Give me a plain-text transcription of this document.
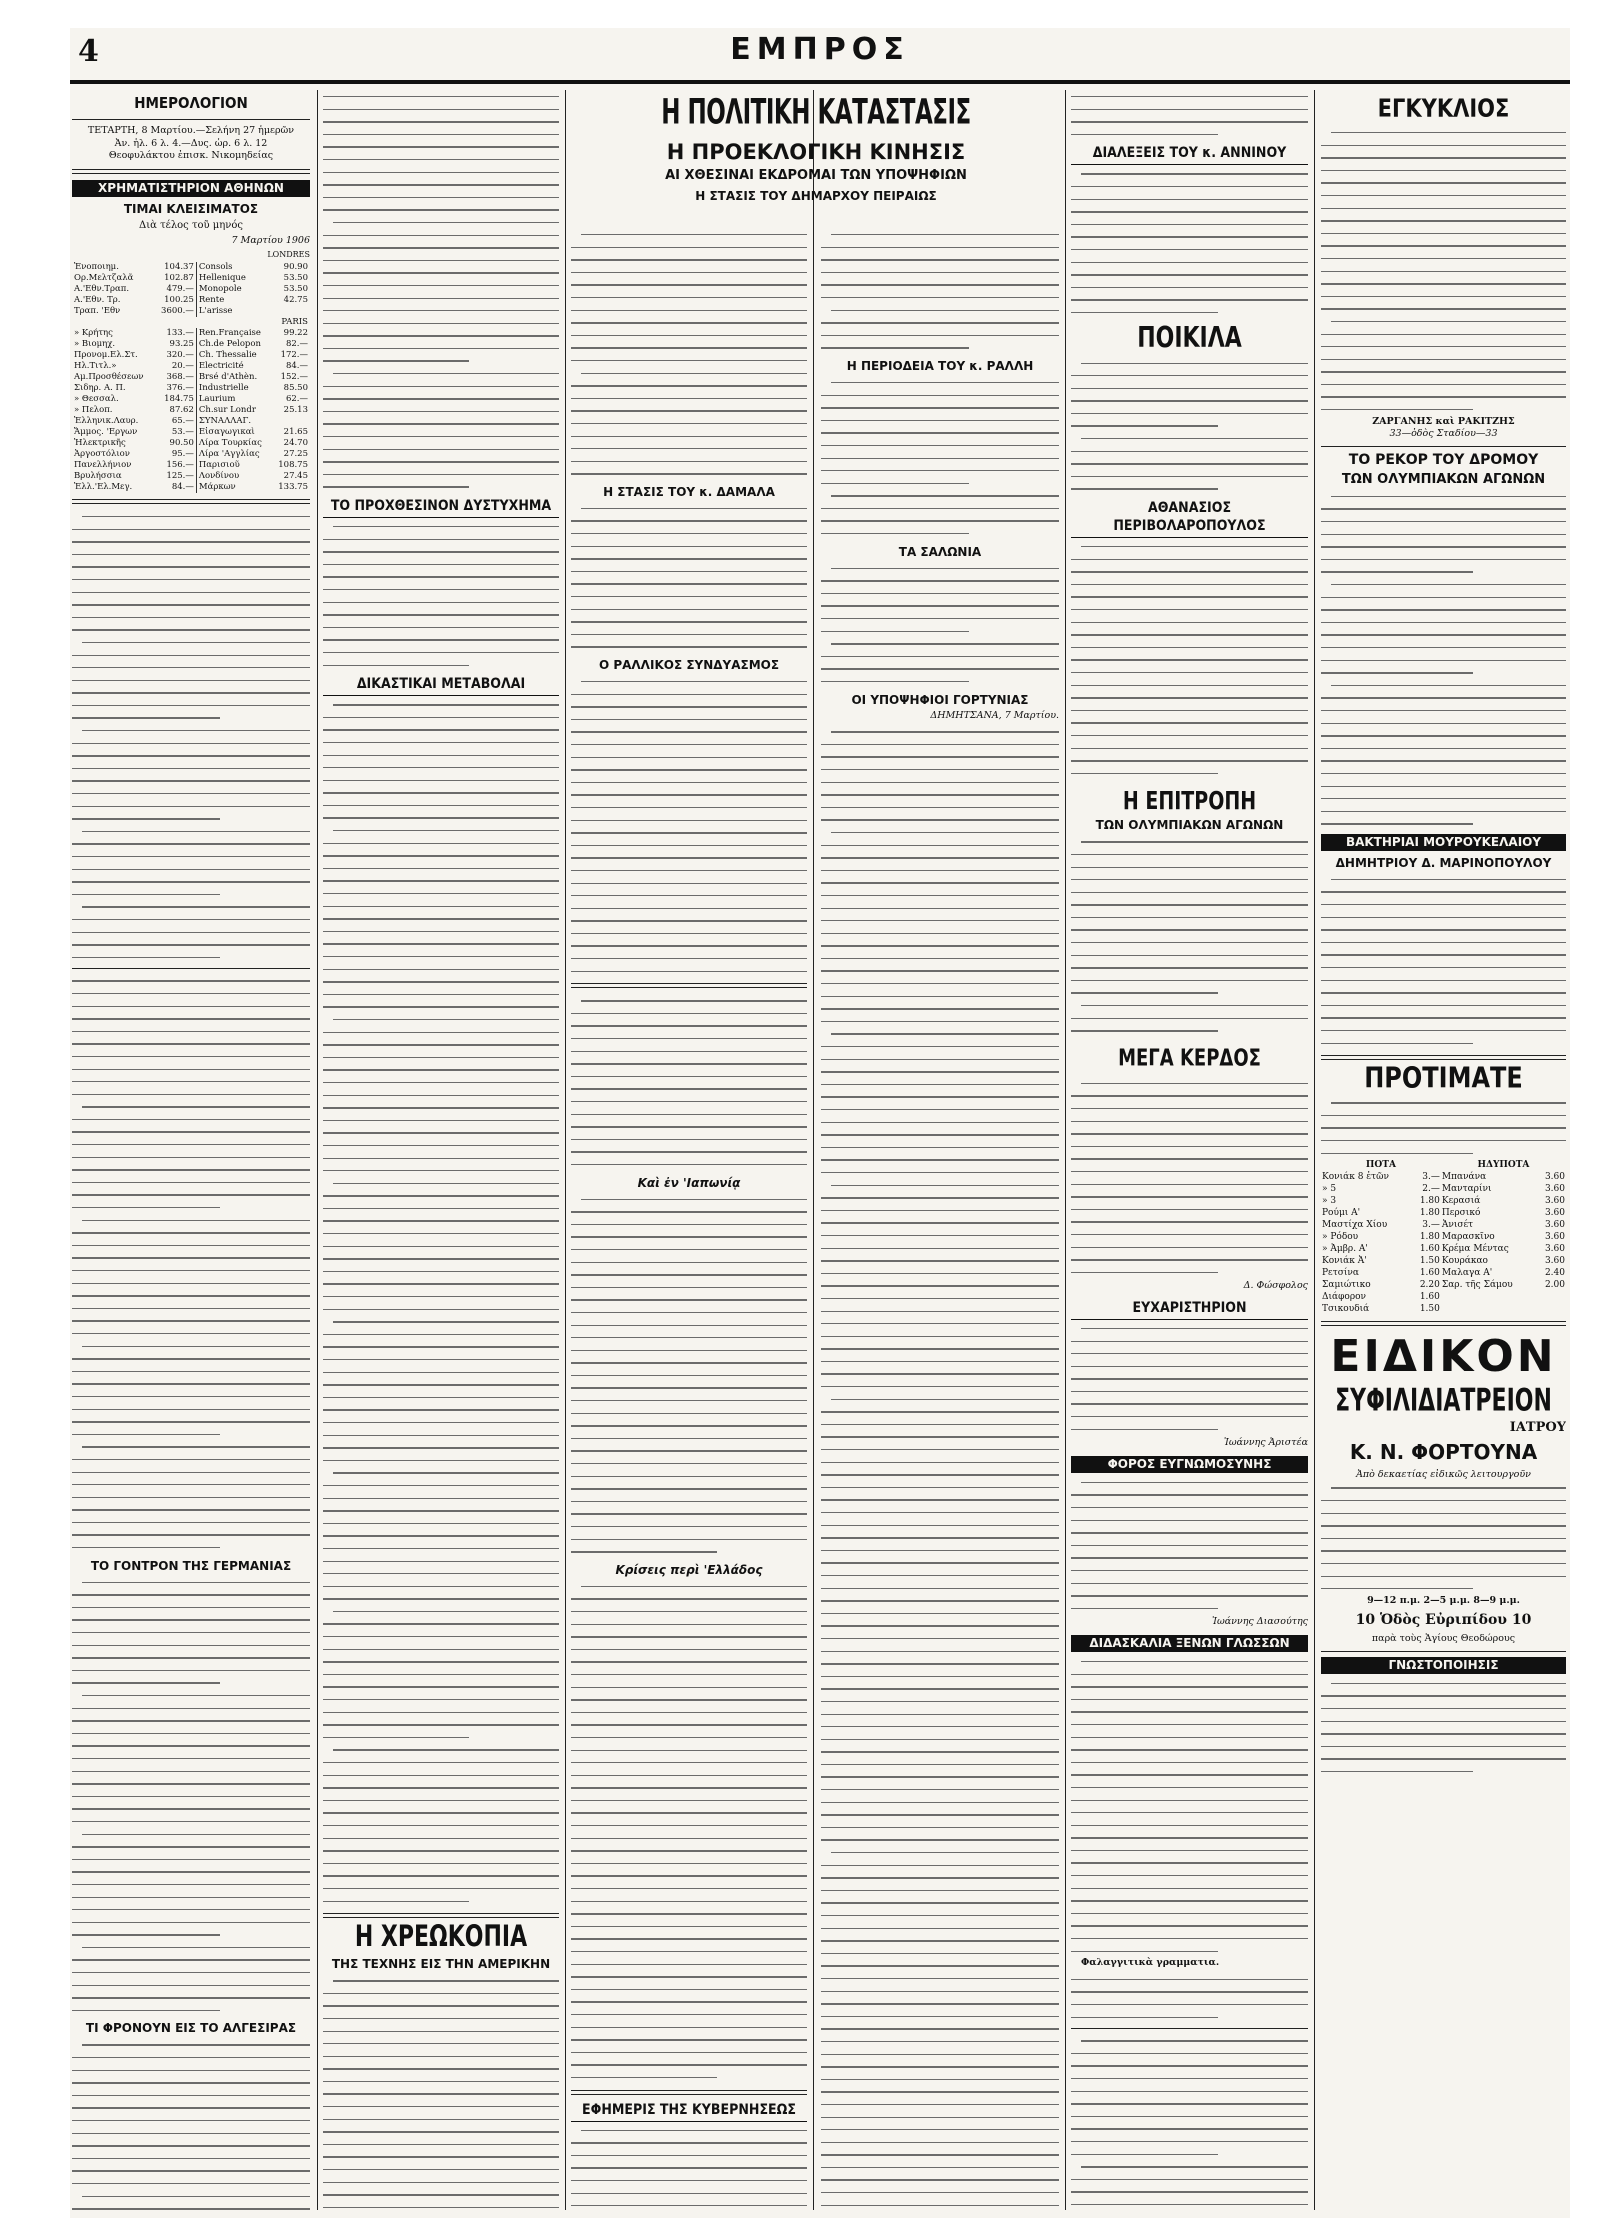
4	ΕΜΠΡΟΣ
ΗΜΕΡΟΛΟΓΙΟΝ
ΤΕΤΑΡΤΗ, 8 Μαρτίου.—Σελήνη 27 ἡμερῶν
Ἀν. ἡλ. 6 λ. 4.—Δυς. ὡρ. 6 λ. 12
Θεοφυλάκτου ἐπισκ. Νικομηδείας
ΧΡΗΜΑΤΙΣΤΗΡΙΟΝ ΑΘΗΝΩΝ
ΤΙΜΑΙ ΚΛΕΙΣΙΜΑΤΟΣ
Διὰ τέλος τοῦ μηνός
7 Μαρτίου 1906
LONDRES
Ἐνοποιημ.	104.37	Consols	90.90
Ορ.Μελτζαλᾶ	102.87	Hellenique	53.50
Α.'Εθν.Τραπ.	479.—	Monopole	53.50
Α.'Εθν. Τρ.	100.25	Rente	42.75
Τραπ. 'Εθν	3600.—	L'arisse	
PARIS			
» Κρήτης	133.—	Ren.Française	99.22
» Βιομηχ.	93.25	Ch.de Pelopon	82.—
Προνομ.Ελ.Στ.	320.—	Ch. Thessalie	172.—
Ηλ.Τιτλ.»	20.—	Electricité	84.—
Αμ.Προσθέσεων	368.—	Brsé d'Athèn.	152.—
Σιδηρ. Α. Π.	376.—	Industrielle	85.50
» Θεσσαλ.	184.75	Laurium	62.—
» Πελοπ.	87.62	Ch.sur Londr	25.13
Ἐλληνικ.Λαυρ.	65.—	ΣΥΝΑΛΛΑΓ.	
Ἄμμος. 'Εργων	53.—	Εἰσαγωγικαὶ	21.65
Ἠλεκτρικῆς	90.50	Λίρα Τουρκίας	24.70
Ἀργοστόλιον	95.—	Λίρα 'Αγγλίας	27.25
Πανελλήνιον	156.—	Παρισιοῦ	108.75
Βρυλήσσια	125.—	Λονδίνου	27.45
Ἐλλ.'Ελ.Μεγ.	84.—	Μάρκων	133.75
ΤΟ ΓΟΝΤΡΟΝ ΤΗΣ ΓΕΡΜΑΝΙΑΣ
ΤΙ ΦΡΟΝΟΥΝ ΕΙΣ ΤΟ ΑΛΓΕΣΙΡΑΣ
ΤΟ ΠΡΟΧΘΕΣΙΝΟΝ ΔΥΣΤΥΧΗΜΑ
ΔΙΚΑΣΤΙΚΑΙ ΜΕΤΑΒΟΛΑΙ
Η ΧΡΕΩΚΟΠΙΑ
ΤΗΣ ΤΕΧΝΗΣ ΕΙΣ ΤΗΝ ΑΜΕΡΙΚΗΝ
Η ΣΤΑΣΙΣ ΤΟΥ κ. ΔΑΜΑΛΑ
Ο ΡΑΛΛΙΚΟΣ ΣΥΝΔΥΑΣΜΟΣ
Καὶ ἐν 'Ιαπωνίᾳ
Κρίσεις περὶ 'Ελλάδος
ΕΦΗΜΕΡΙΣ ΤΗΣ ΚΥΒΕΡΝΗΣΕΩΣ
Η ΠΟΛΙΤΙΚΗ ΚΑΤΑΣΤΑΣΙΣ
Η ΠΡΟΕΚΛΟΓΙΚΗ ΚΙΝΗΣΙΣ
ΑΙ ΧΘΕΣΙΝΑΙ ΕΚΔΡΟΜΑΙ ΤΩΝ ΥΠΟΨΗΦΙΩΝ
Η ΣΤΑΣΙΣ ΤΟΥ ΔΗΜΑΡΧΟΥ ΠΕΙΡΑΙΩΣ
Η ΠΕΡΙΟΔΕΙΑ ΤΟΥ κ. ΡΑΛΛΗ
ΤΑ ΣΑΛΩΝΙΑ
ΟΙ ΥΠΟΨΗΦΙΟΙ ΓΟΡΤΥΝΙΑΣ
ΔΗΜΗΤΣΑΝΑ, 7 Μαρτίου.
ΔΙΑΛΕΞΕΙΣ ΤΟΥ κ. ΑΝΝΙΝΟΥ
ΠΟΙΚΙΛΑ
ΑΘΑΝΑΣΙΟΣ ΠΕΡΙΒΟΛΑΡΟΠΟΥΛΟΣ
Η ΕΠΙΤΡΟΠΗ
ΤΩΝ ΟΛΥΜΠΙΑΚΩΝ ΑΓΩΝΩΝ
ΜΕΓΑ ΚΕΡΔΟΣ
Δ. Φώσφολος
ΕΥΧΑΡΙΣΤΗΡΙΟΝ
Ἰωάννης Ἀριστέα
ΦΟΡΟΣ ΕΥΓΝΩΜΟΣΥΝΗΣ
Ἰωάννης Διασούτης
ΔΙΔΑΣΚΑΛΙΑ ΞΕΝΩΝ ΓΛΩΣΣΩΝ
Φαλαγγιτικὰ γραμματια.
ΕΓΚΥΚΛΙΟΣ
ΖΑΡΓΑΝΗΣ καὶ ΡΑΚΙΤΖΗΣ
33—ὁδὸς Σταδίου—33
ΤΟ ΡΕΚΟΡ ΤΟΥ ΔΡΟΜΟΥ
ΤΩΝ ΟΛΥΜΠΙΑΚΩΝ ΑΓΩΝΩΝ
ΒΑΚΤΗΡΙΑΙ ΜΟΥΡΟΥΚΕΛΑΙΟΥ
ΔΗΜΗΤΡΙΟΥ Δ. ΜΑΡΙΝΟΠΟΥΛΟΥ
ΠΡΟΤΙΜΑΤΕ
ΠΟΤΑ		ΗΔΥΠΟΤΑ	
Κονιάκ 8 ἐτῶν	3.—	Μπανάνα	3.60
» 5	2.—	Μανταρίνι	3.60
» 3	1.80	Κερασιά	3.60
Ρούμι Α'	1.80	Περσικό	3.60
Μαστίχα Χίου	3.—	Ἀνισέτ	3.60
» Ρόδου	1.80	Μαρασκῖνο	3.60
» Ἀμβρ. Α'	1.60	Κρέμα Μέντας	3.60
Κονιάκ Ἀ'	1.50	Κουράκαο	3.60
Ρετσίνα	1.60	Μαλαγα Α'	2.40
Σαμιώτικο	2.20	Σαρ. τῆς Σάμου	2.00
Διάφορον	1.60		
Τσικουδιά	1.50		
ΕΙΔΙΚΟΝ
ΣΥΦΙΛΙΔΙΑΤΡΕΙΟΝ
ΙΑΤΡΟΥ
Κ. Ν. ΦΟΡΤΟΥΝΑ
Ἀπὸ δεκαετίας εἰδικῶς λειτουργοῦν
9—12 π.μ. 2—5 μ.μ. 8—9 μ.μ.
10 Ὁδὸς Εὐριπίδου 10
παρὰ τοὺς Ἁγίους Θεοδώρους
ΓΝΩΣΤΟΠΟΙΗΣΙΣ
